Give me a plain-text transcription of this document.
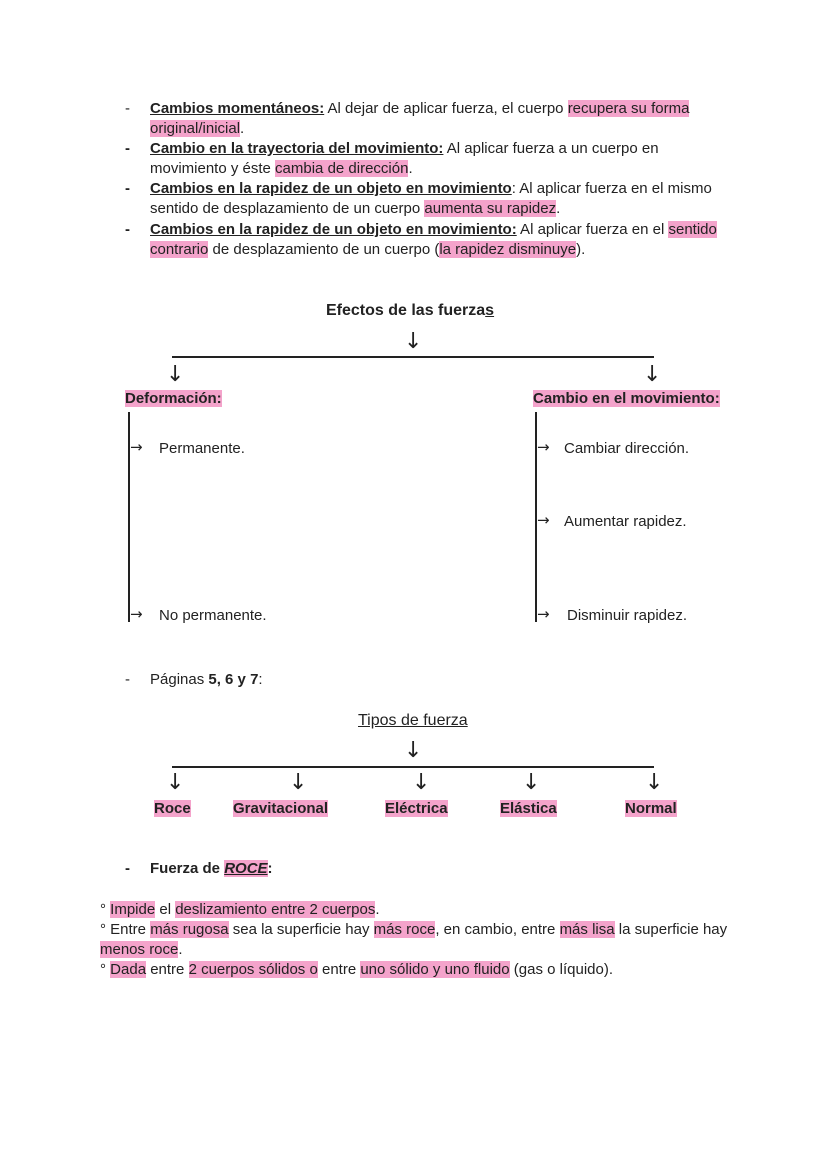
- Cambios momentáneos: Al dejar de aplicar fuerza, el cuerpo recupera su forma original/inicial.
- Cambio en la trayectoria del movimiento: Al aplicar fuerza a un cuerpo en movimiento y éste cambia de dirección.
- Cambios en la rapidez de un objeto en movimiento: Al aplicar fuerza en el mismo sentido de desplazamiento de un cuerpo aumenta su rapidez.
- Cambios en la rapidez de un objeto en movimiento: Al aplicar fuerza en el sentido contrario de desplazamiento de un cuerpo (la rapidez disminuye).
Efectos de las fuerzas
↓
↓	↓
Deformación:	Cambio en el movimiento:
→ Permanente.
→ No permanente.
→ Cambiar dirección.
→ Aumentar rapidez.
→ Disminuir rapidez.
- Páginas 5, 6 y 7:
Tipos de fuerza
↓
↓	↓	↓	↓	↓
Roce	Gravitacional	Eléctrica	Elástica	Normal
- Fuerza de ROCE:
° Impide el deslizamiento entre 2 cuerpos.
° Entre más rugosa sea la superficie hay más roce, en cambio, entre más lisa la superficie hay menos roce.
° Dada entre 2 cuerpos sólidos o entre uno sólido y uno fluido (gas o líquido).
